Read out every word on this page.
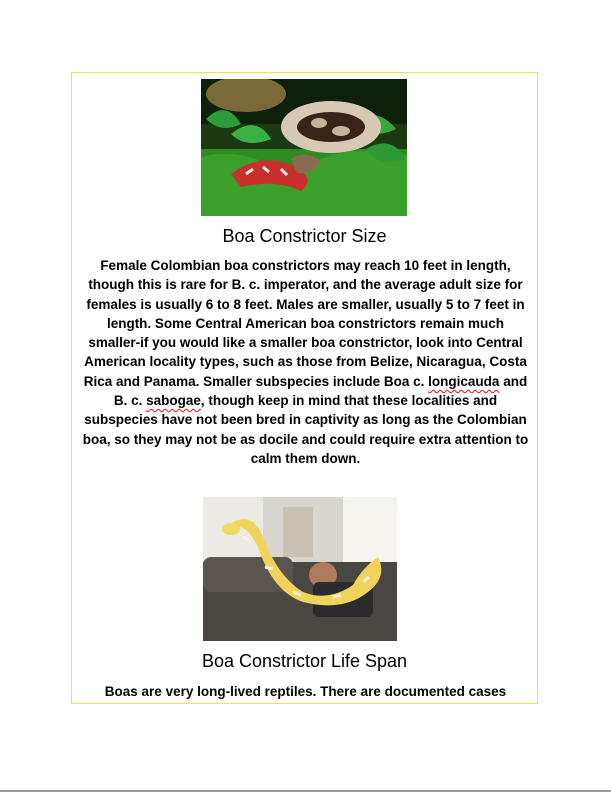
Boa Constrictor Size

Female Colombian boa constrictors may reach 10 feet in length, though this is rare for B. c. imperator, and the average adult size for females is usually 6 to 8 feet. Males are smaller, usually 5 to 7 feet in length. Some Central American boa constrictors remain much smaller-if you would like a smaller boa constrictor, look into Central American locality types, such as those from Belize, Nicaragua, Costa Rica and Panama. Smaller subspecies include Boa c. longicauda and B. c. sabogae, though keep in mind that these localities and subspecies have not been bred in captivity as long as the Colombian boa, so they may not be as docile and could require extra attention to calm them down.

Boa Constrictor Life Span

Boas are very long-lived reptiles. There are documented cases
